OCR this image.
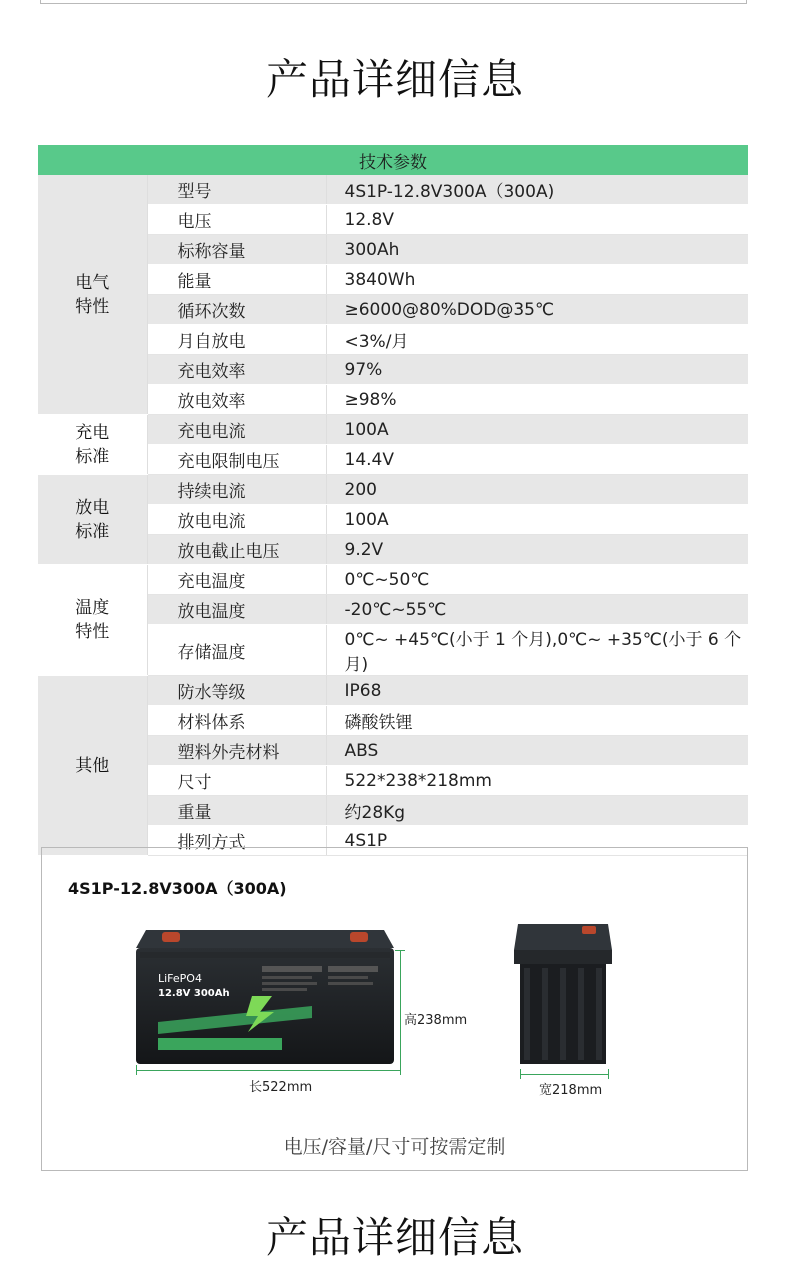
产品详细信息
技术参数		

电气
特性	型号	4S1P-12.8V300A（300A)
	电压	12.8V
	标称容量	300Ah
	能量	3840Wh
	循环次数	≥6000@80%DOD@35℃
	月自放电	<3%/月
	充电效率	97%
	放电效率	≥98%

充电
标准	充电电流	100A
	充电限制电压	14.4V

放电
标准	持续电流	200
	放电电流	100A
	放电截止电压	9.2V

温度
特性	充电温度	0℃~50℃
	放电温度	-20℃~55℃
	存储温度	0℃~ +45℃(小于 1 个月),0℃~ +35℃(小于 6 个月)

其他	防水等级	IP68
	材料体系	磷酸铁锂
	塑料外壳材料	ABS
	尺寸	522*238*218mm
	重量	约28Kg
	排列方式	4S1P
4S1P-12.8V300A（300A)
LiFePO4
12.8V 300Ah
长522mm
高238mm
宽218mm
电压/容量/尺寸可按需定制
产品详细信息
